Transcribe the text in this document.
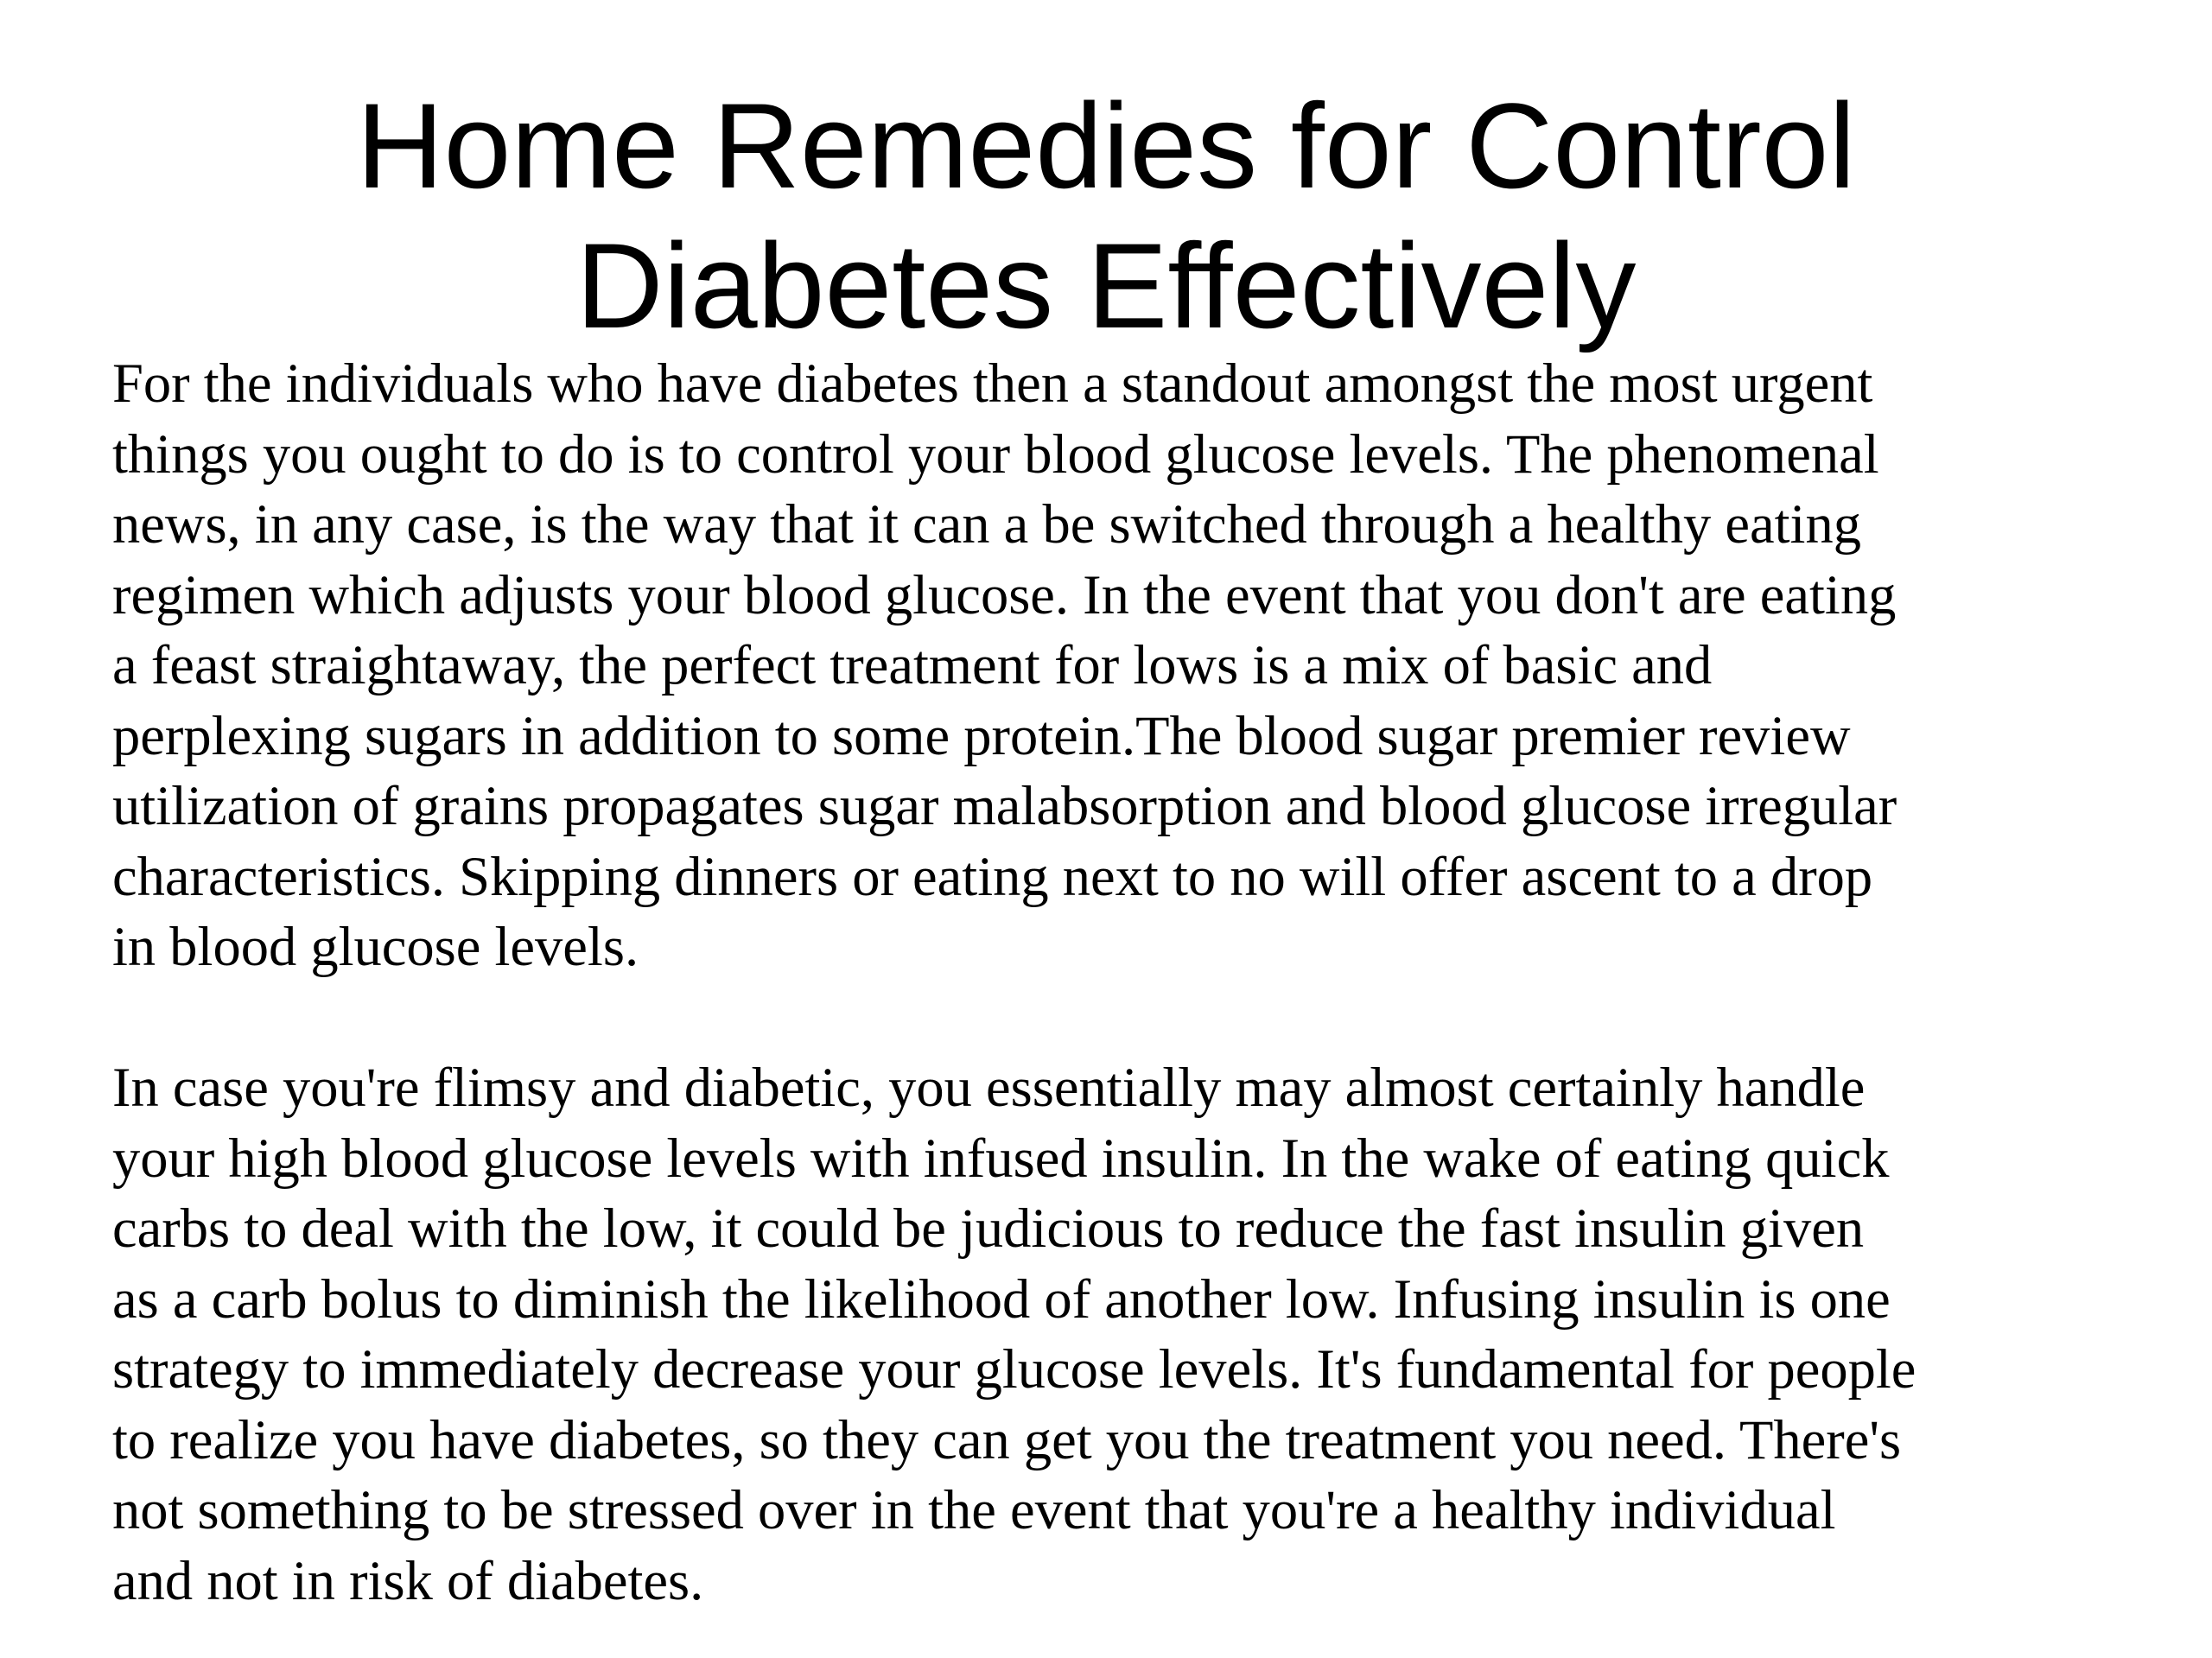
Home Remedies for Control
Diabetes Effectively
For the individuals who have diabetes then a standout amongst the most urgent
things you ought to do is to control your blood glucose levels. The phenomenal
news, in any case, is the way that it can a be switched through a healthy eating
regimen which adjusts your blood glucose. In the event that you don't are eating
a feast straightaway, the perfect treatment for lows is a mix of basic and
perplexing sugars in addition to some protein.The blood sugar premier review
utilization of grains propagates sugar malabsorption and blood glucose irregular
characteristics. Skipping dinners or eating next to no will offer ascent to a drop
in blood glucose levels.
In case you're flimsy and diabetic, you essentially may almost certainly handle
your high blood glucose levels with infused insulin. In the wake of eating quick
carbs to deal with the low, it could be judicious to reduce the fast insulin given
as a carb bolus to diminish the likelihood of another low. Infusing insulin is one
strategy to immediately decrease your glucose levels. It's fundamental for people
to realize you have diabetes, so they can get you the treatment you need. There's
not something to be stressed over in the event that you're a healthy individual
and not in risk of diabetes.
